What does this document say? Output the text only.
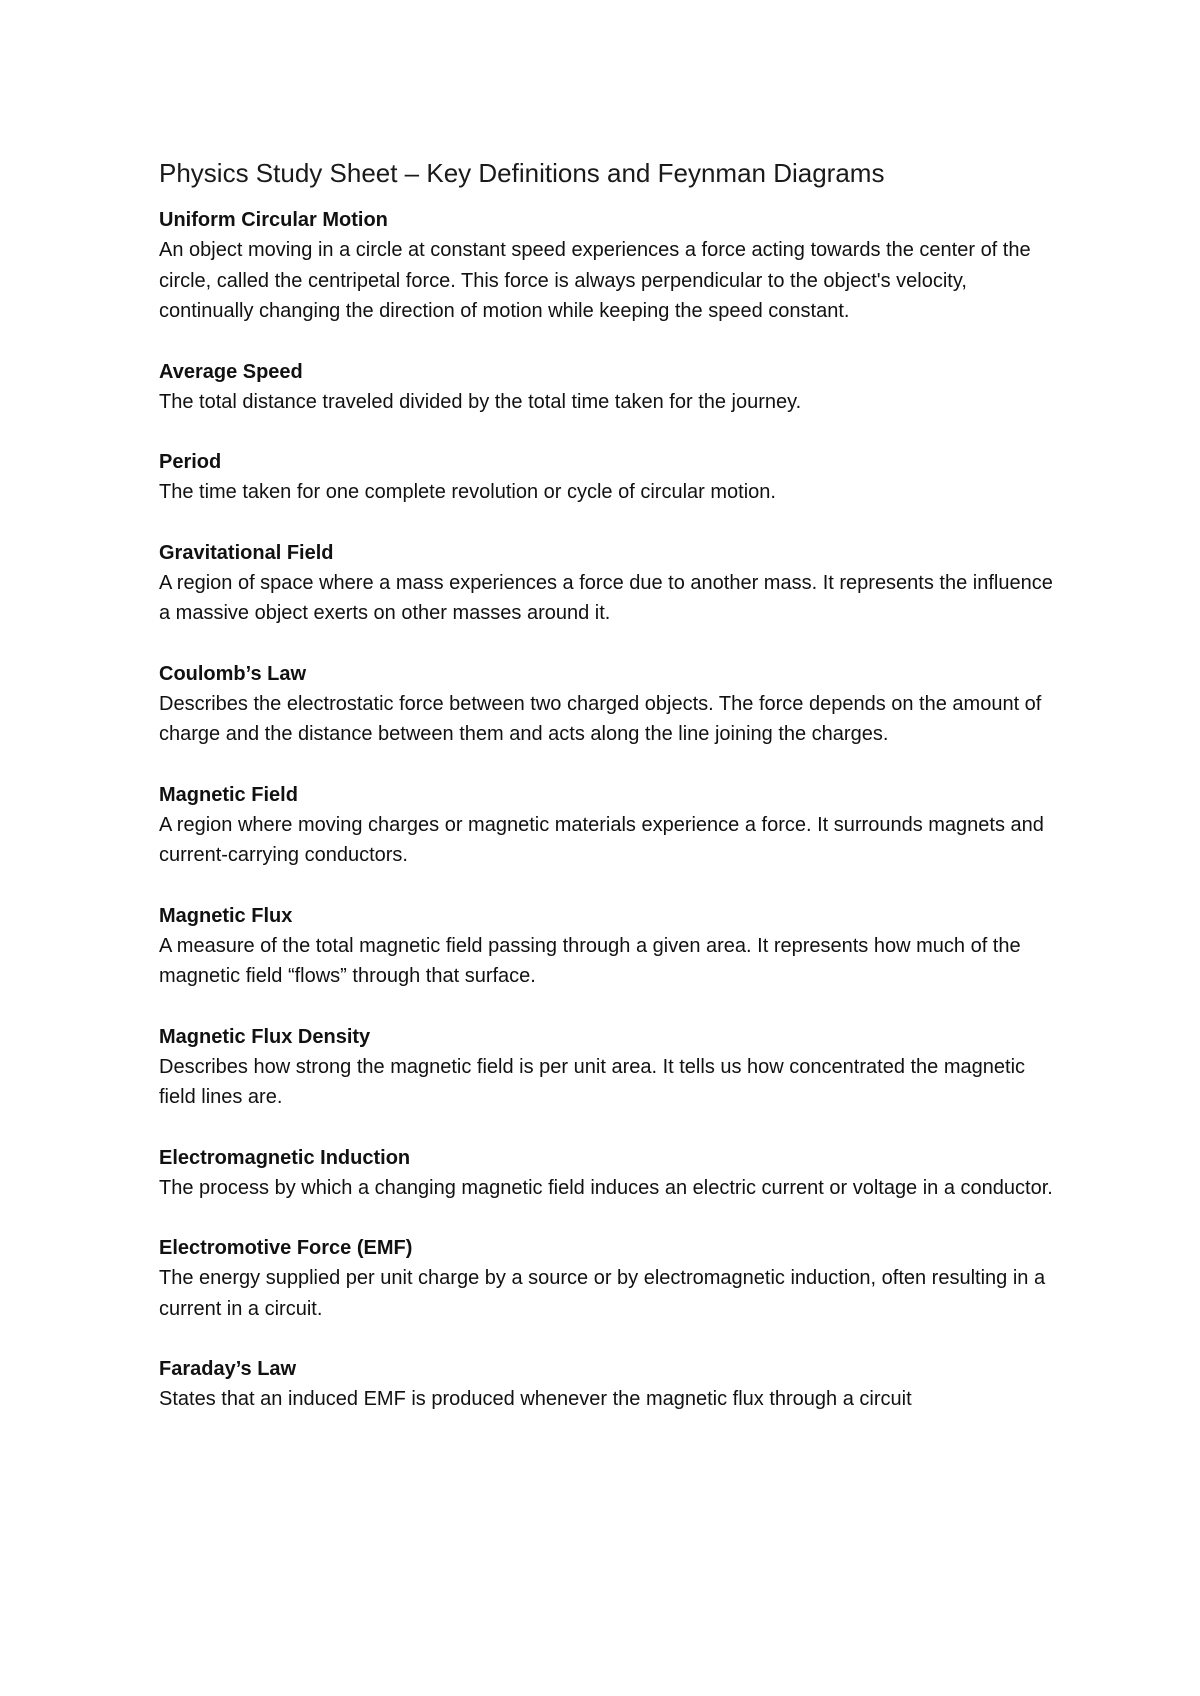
Physics Study Sheet – Key Definitions and Feynman Diagrams

Uniform Circular Motion

An object moving in a circle at constant speed experiences a force acting towards the center of the circle, called the centripetal force. This force is always perpendicular to the object's velocity, continually changing the direction of motion while keeping the speed constant.

Average Speed

The total distance traveled divided by the total time taken for the journey.

Period

The time taken for one complete revolution or cycle of circular motion.

Gravitational Field

A region of space where a mass experiences a force due to another mass. It represents the influence a massive object exerts on other masses around it.

Coulomb’s Law

Describes the electrostatic force between two charged objects. The force depends on the amount of charge and the distance between them and acts along the line joining the charges.

Magnetic Field

A region where moving charges or magnetic materials experience a force. It surrounds magnets and current-carrying conductors.

Magnetic Flux

A measure of the total magnetic field passing through a given area. It represents how much of the magnetic field “flows” through that surface.

Magnetic Flux Density

Describes how strong the magnetic field is per unit area. It tells us how concentrated the magnetic field lines are.

Electromagnetic Induction

The process by which a changing magnetic field induces an electric current or voltage in a conductor.

Electromotive Force (EMF)

The energy supplied per unit charge by a source or by electromagnetic induction, often resulting in a current in a circuit.

Faraday’s Law

States that an induced EMF is produced whenever the magnetic flux through a circuit
